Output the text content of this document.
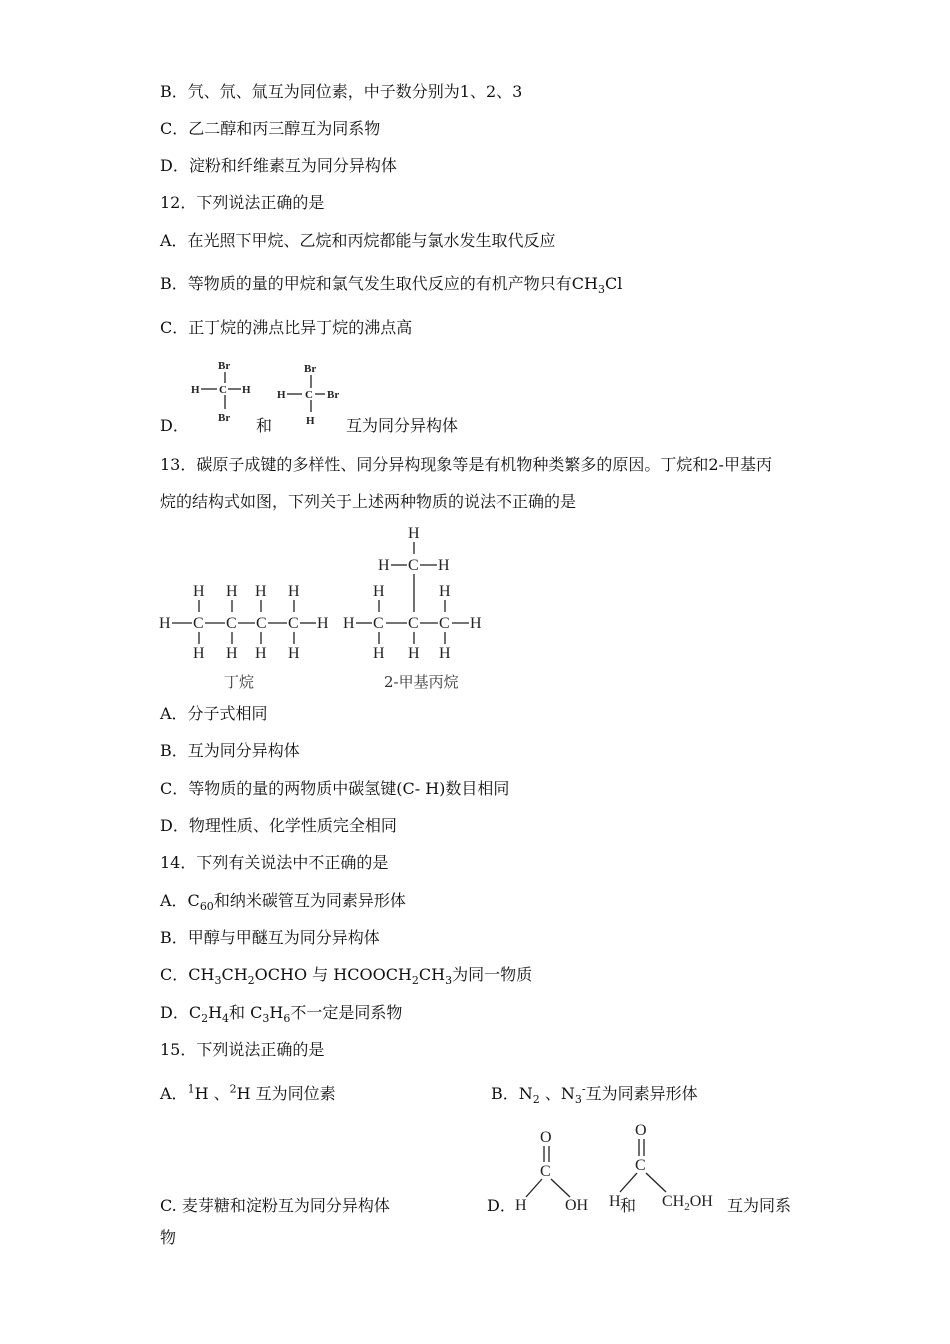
B．氕、氘、氚互为同位素，中子数分别为1、2、3
C．乙二醇和丙三醇互为同系物
D．淀粉和纤维素互为同分异构体
12．下列说法正确的是
A．在光照下甲烷、乙烷和丙烷都能与氯水发生取代反应
B．等物质的量的甲烷和氯气发生取代反应的有机产物只有$CH_3Cl$
C．正丁烷的沸点比异丁烷的沸点高
Br
H C H
Br
Br
H C Br
H
D．	和	互为同分异构体
13．碳原子成键的多样性、同分异构现象等是有机物种类繁多的原因。丁烷和2-甲基丙
烷的结构式如图，下列关于上述两种物质的说法不正确的是
H H H H
H C C C C H
H H H H
H
H C H
H	H
H C C C H
H H H
丁烷	2-甲基丙烷
A．分子式相同
B．互为同分异构体
C．等物质的量的两物质中碳氢键(C- H)数目相同
D．物理性质、化学性质完全相同
14．下列有关说法中不正确的是
A．$C_{60}$和纳米碳管互为同素异形体
B．甲醇与甲醚互为同分异构体
C．$CH_3CH_2OCHO$ 与 $HCOOCH_2CH_3$为同一物质
D．$C_2H_4$和 $C_3H_6$不一定是同系物
15．下列说法正确的是
A．$^1$H 、$^2$H 互为同位素	B．$N_2$ 、$N_3^-$互为同素异形体
O
C
H OH 和
O
C
H	$CH_2OH$ 互为同系
D．
C. 麦芽糖和淀粉互为同分异构体
物
